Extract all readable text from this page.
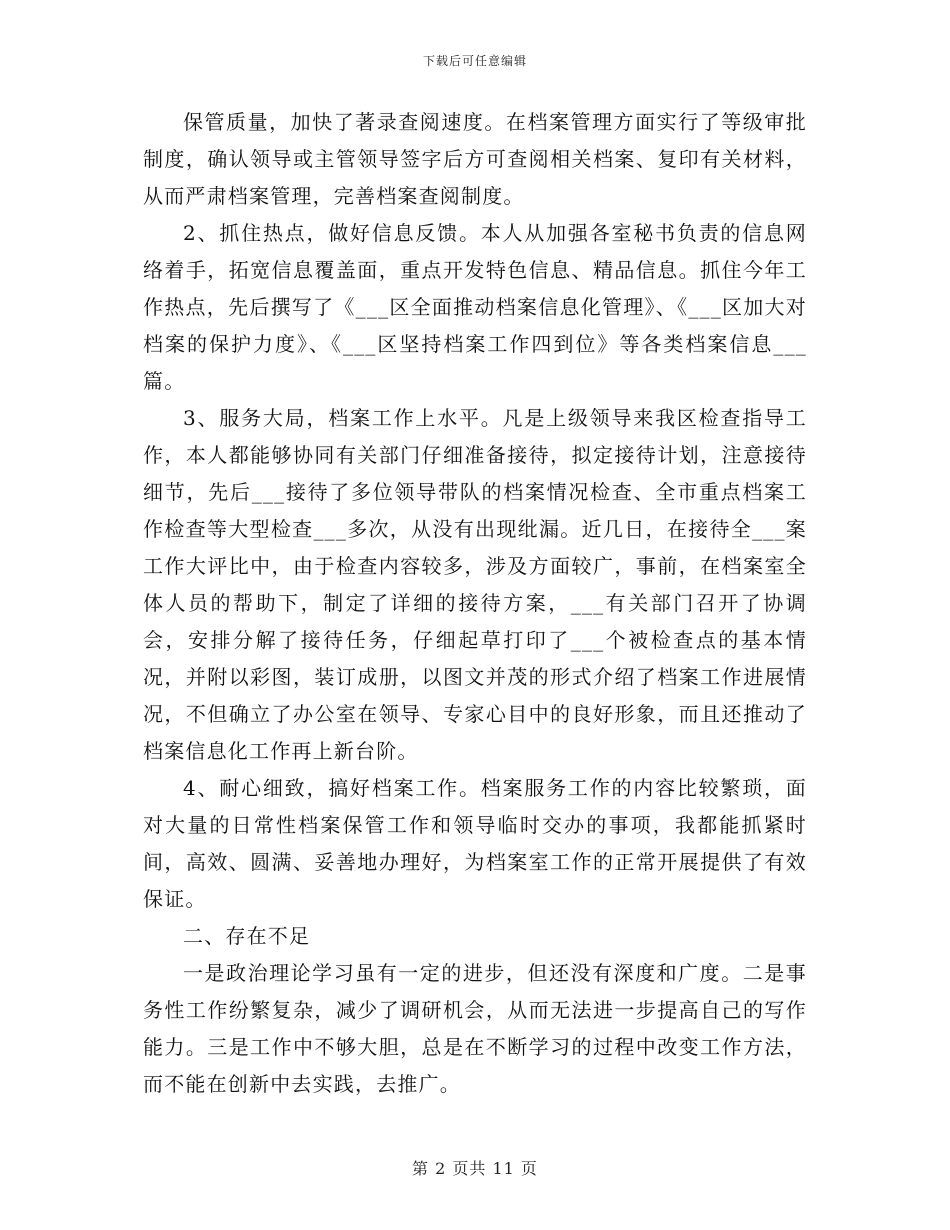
下载后可任意编辑

保管质量，加快了著录查阅速度。在档案管理方面实行了等级审批制度，确认领导或主管领导签字后方可查阅相关档案、复印有关材料，从而严肃档案管理，完善档案查阅制度。

2、抓住热点，做好信息反馈。本人从加强各室秘书负责的信息网络着手，拓宽信息覆盖面，重点开发特色信息、精品信息。抓住今年工作热点，先后撰写了《___区全面推动档案信息化管理》、《___区加大对档案的保护力度》、《___区坚持档案工作四到位》等各类档案信息___篇。

3、服务大局，档案工作上水平。凡是上级领导来我区检查指导工作，本人都能够协同有关部门仔细准备接待，拟定接待计划，注意接待细节，先后___接待了多位领导带队的档案情况检查、全市重点档案工作检查等大型检查___多次，从没有出现纰漏。近几日，在接待全___案工作大评比中，由于检查内容较多，涉及方面较广，事前，在档案室全体人员的帮助下，制定了详细的接待方案，___有关部门召开了协调会，安排分解了接待任务，仔细起草打印了___个被检查点的基本情况，并附以彩图，装订成册，以图文并茂的形式介绍了档案工作进展情况，不但确立了办公室在领导、专家心目中的良好形象，而且还推动了档案信息化工作再上新台阶。

4、耐心细致，搞好档案工作。档案服务工作的内容比较繁琐，面对大量的日常性档案保管工作和领导临时交办的事项，我都能抓紧时间，高效、圆满、妥善地办理好，为档案室工作的正常开展提供了有效保证。

二、存在不足

一是政治理论学习虽有一定的进步，但还没有深度和广度。二是事务性工作纷繁复杂，减少了调研机会，从而无法进一步提高自己的写作能力。三是工作中不够大胆，总是在不断学习的过程中改变工作方法，而不能在创新中去实践，去推广。

第 2 页共 11 页
